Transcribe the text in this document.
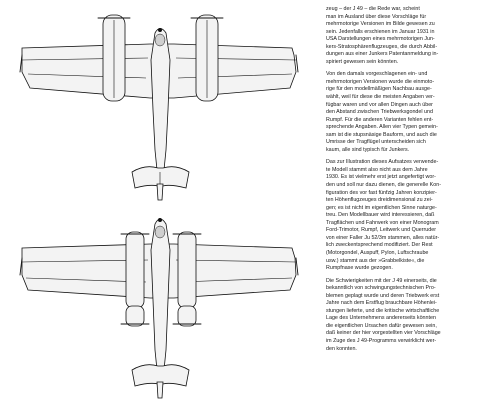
zeug – der J 49 – die Rede war, scheint
man im Ausland über diese Vorschläge für
mehrmotorige Versionen im Bilde gewesen zu
sein. Jedenfalls erschienen im Januar 1931 in
USA Darstellungen eines mehrmotorigen Jun-
kers-Stratosphärenflugzeuges, die durch Abbil-
dungen aus einer Junkers Patentanmeldung in-
spiriert gewesen sein könnten.

Von den damals vorgeschlagenen ein- und
mehrmotorigen Versionen wurde die einmoto-
rige für den modellmäßigen Nachbau ausge-
wählt, weil für diese die meisten Angaben ver-
fügbar waren und vor allen Dingen auch über
den Abstand zwischen Triebwerksgondel und
Rumpf. Für die anderen Varianten fehlen ent-
sprechende Angaben. Allen vier Typen gemein-
sam ist die stupsnäsige Bauform, und auch die
Umrisse der Tragflügel unterscheiden sich
kaum, alle sind typisch für Junkers.

Das zur Illustration dieses Aufsatzes verwende-
te Modell stammt also nicht aus dem Jahre
1930. Es ist vielmehr erst jetzt angefertigt wor-
den und soll nur dazu dienen, die generelle Kon-
figuration des vor fast fünfzig Jahren konzipier-
ten Höhenflugzeuges dreidimensional zu zei-
gen; es ist nicht im eigentlichen Sinne naturge-
treu. Den Modellbauer wird interessieren, daß
Tragflächen und Fahrwerk von einer Monogram
Ford-Trimotor, Rumpf, Leitwerk und Querruder
von einer Faller Ju 52/3m stammen, alles natür-
lich zweckentsprechend modifiziert. Der Rest
(Motorgondel, Auspuff, Pylon, Luftschraube
usw.) stammt aus der »Grabbelkiste«, die
Rumpfnase wurde gezogen.

Die Schwierigkeiten mit der J 49 einerseits, die
bekanntlich von schwingungstechnischen Pro-
blemen geplagt wurde und deren Triebwerk erst
Jahre nach dem Erstflug brauchbare Höhenlei-
stungen lieferte, und die kritische wirtschaftliche
Lage des Unternehmens andererseits könnten
die eigentlichen Ursachen dafür gewesen sein,
daß keiner der hier vorgestellten vier Vorschläge
im Zuge des J 49-Programms verwirklicht wer-
den konnten.
